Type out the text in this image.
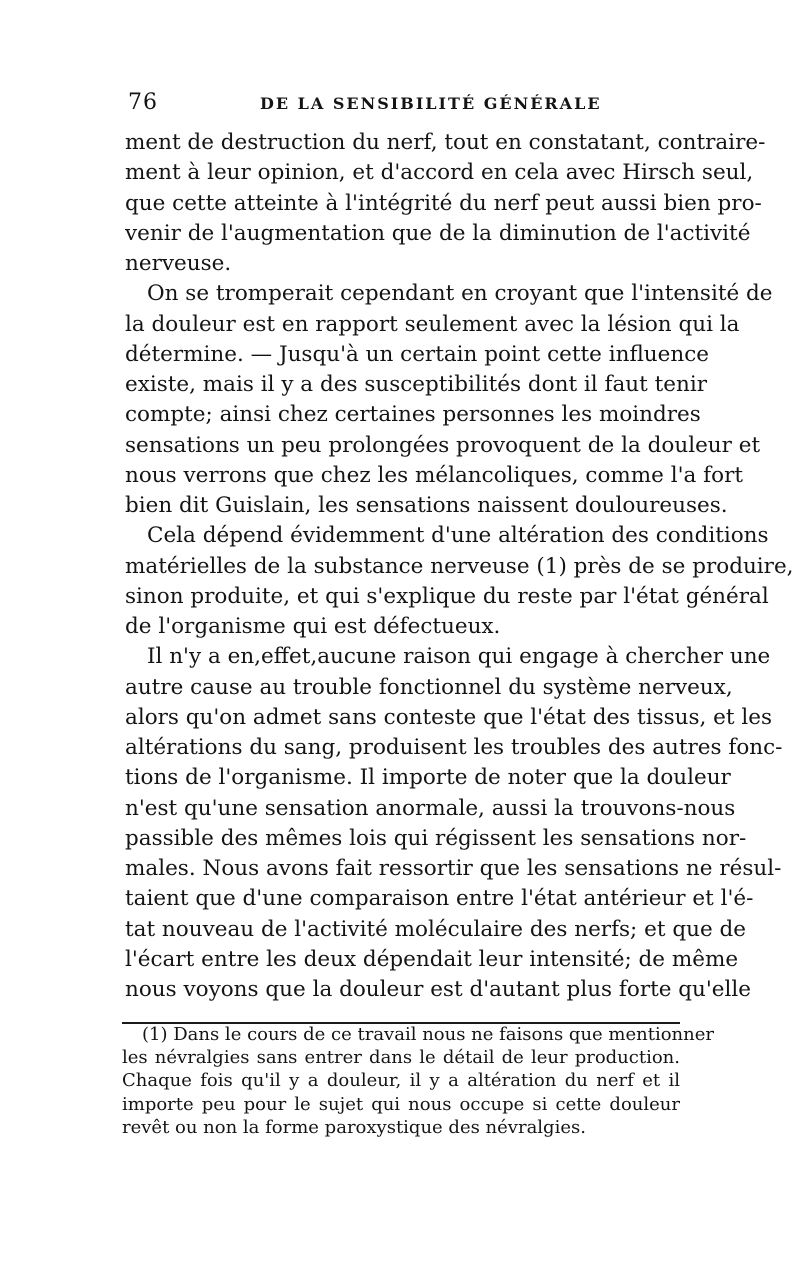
76	DE LA SENSIBILITÉ GÉNÉRALE
ment de destruction du nerf, tout en constatant, contraire-
ment à leur opinion, et d'accord en cela avec Hirsch seul,
que cette atteinte à l'intégrité du nerf peut aussi bien pro-
venir de l'augmentation que de la diminution de l'activité
nerveuse.
On se tromperait cependant en croyant que l'intensité de
la douleur est en rapport seulement avec la lésion qui la
détermine. — Jusqu'à un certain point cette influence
existe, mais il y a des susceptibilités dont il faut tenir
compte; ainsi chez certaines personnes les moindres
sensations un peu prolongées provoquent de la douleur et
nous verrons que chez les mélancoliques, comme l'a fort
bien dit Guislain, les sensations naissent douloureuses.
Cela dépend évidemment d'une altération des conditions
matérielles de la substance nerveuse (1) près de se produire,
sinon produite, et qui s'explique du reste par l'état général
de l'organisme qui est défectueux.
Il n'y a en,effet,aucune raison qui engage à chercher une
autre cause au trouble fonctionnel du système nerveux,
alors qu'on admet sans conteste que l'état des tissus, et les
altérations du sang, produisent les troubles des autres fonc-
tions de l'organisme. Il importe de noter que la douleur
n'est qu'une sensation anormale, aussi la trouvons-nous
passible des mêmes lois qui régissent les sensations nor-
males. Nous avons fait ressortir que les sensations ne résul-
taient que d'une comparaison entre l'état antérieur et l'é-
tat nouveau de l'activité moléculaire des nerfs; et que de
l'écart entre les deux dépendait leur intensité; de même
nous voyons que la douleur est d'autant plus forte qu'elle
(1) Dans le cours de ce travail nous ne faisons que mentionner
les névralgies sans entrer dans le détail de leur production.
Chaque fois qu'il y a douleur, il y a altération du nerf et il
importe peu pour le sujet qui nous occupe si cette douleur
revêt ou non la forme paroxystique des névralgies.
